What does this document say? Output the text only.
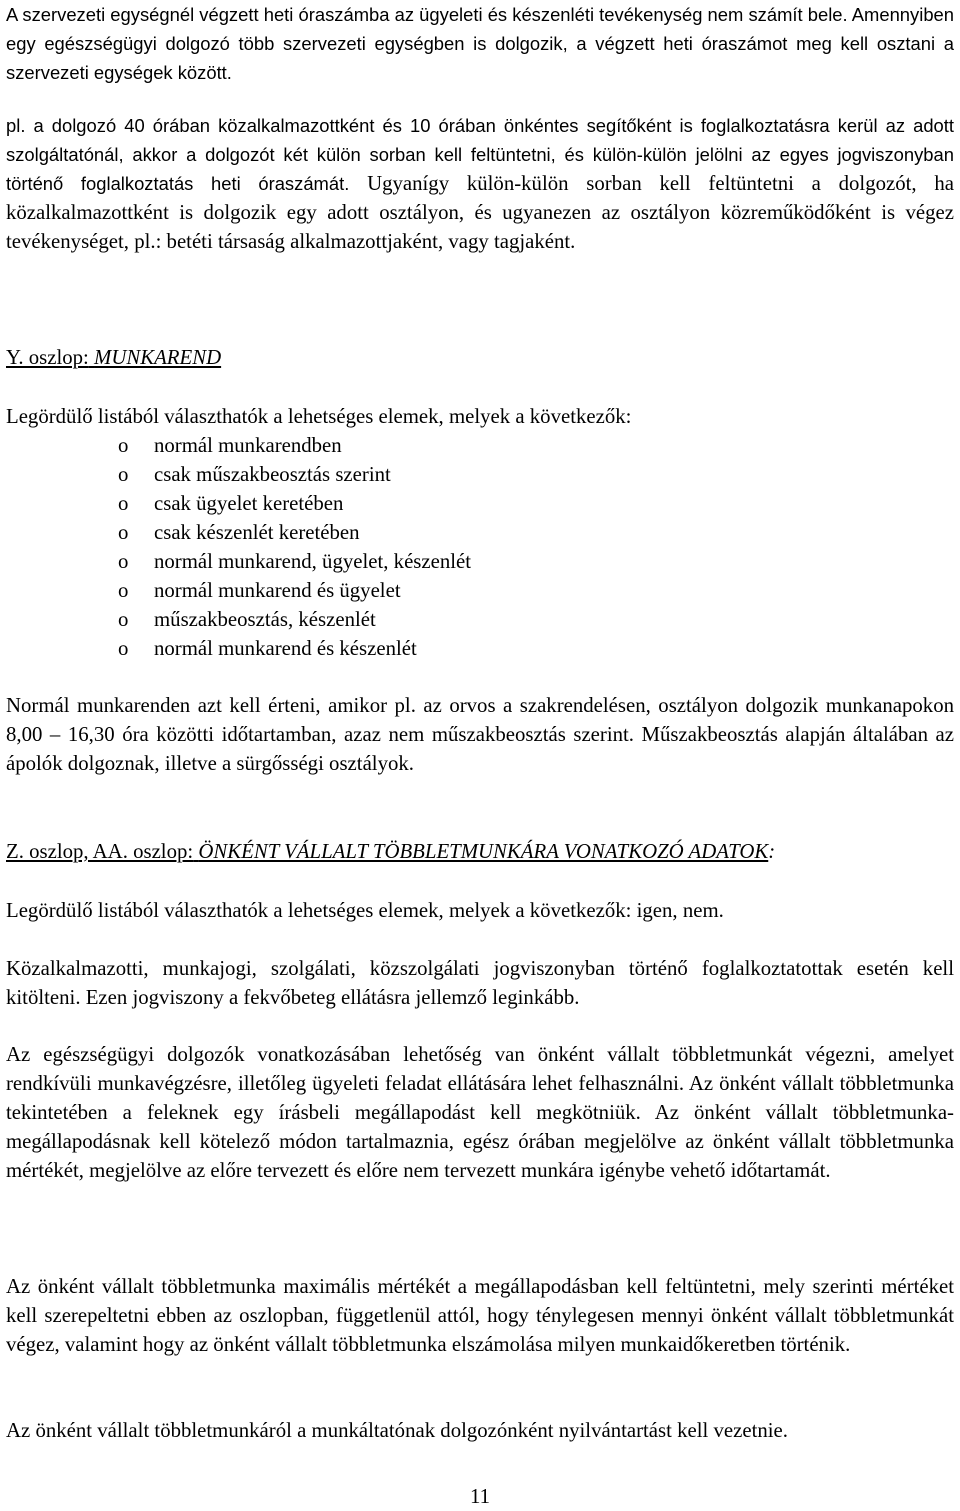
A szervezeti egységnél végzett heti óraszámba az ügyeleti és készenléti tevékenység nem számít bele. Amennyiben egy egészségügyi dolgozó több szervezeti egységben is dolgozik, a végzett heti óraszámot meg kell osztani a szervezeti egységek között.

pl. a dolgozó 40 órában közalkalmazottként és 10 órában önkéntes segítőként is foglalkoztatásra kerül az adott szolgáltatónál, akkor a dolgozót két külön sorban kell feltüntetni, és külön-külön jelölni az egyes jogviszonyban történő foglalkoztatás heti óraszámát. Ugyanígy külön-külön sorban kell feltüntetni a dolgozót, ha közalkalmazottként is dolgozik egy adott osztályon, és ugyanezen az osztályon közreműködőként is végez tevékenységet, pl.: betéti társaság alkalmazottjaként, vagy tagjaként.

Y. oszlop: MUNKAREND

Legördülő listából választhatók a lehetséges elemek, melyek a következők:

o normál munkarendben
o csak műszakbeosztás szerint
o csak ügyelet keretében
o csak készenlét keretében
o normál munkarend, ügyelet, készenlét
o normál munkarend és ügyelet
o műszakbeosztás, készenlét
o normál munkarend és készenlét

Normál munkarenden azt kell érteni, amikor pl. az orvos a szakrendelésen, osztályon dolgozik munkanapokon 8,00 – 16,30 óra közötti időtartamban, azaz nem műszakbeosztás szerint. Műszakbeosztás alapján általában az ápolók dolgoznak, illetve a sürgősségi osztályok.

Z. oszlop, AA. oszlop: ÖNKÉNT VÁLLALT TÖBBLETMUNKÁRA VONATKOZÓ ADATOK:

Legördülő listából választhatók a lehetséges elemek, melyek a következők: igen, nem.

Közalkalmazotti, munkajogi, szolgálati, közszolgálati jogviszonyban történő foglalkoztatottak esetén kell kitölteni. Ezen jogviszony a fekvőbeteg ellátásra jellemző leginkább.

Az egészségügyi dolgozók vonatkozásában lehetőség van önként vállalt többletmunkát végezni, amelyet rendkívüli munkavégzésre, illetőleg ügyeleti feladat ellátására lehet felhasználni. Az önként vállalt többletmunka tekintetében a feleknek egy írásbeli megállapodást kell megkötniük. Az önként vállalt többletmunka-megállapodásnak kell kötelező módon tartalmaznia, egész órában megjelölve az önként vállalt többletmunka mértékét, megjelölve az előre tervezett és előre nem tervezett munkára igénybe vehető időtartamát.

Az önként vállalt többletmunka maximális mértékét a megállapodásban kell feltüntetni, mely szerinti mértéket kell szerepeltetni ebben az oszlopban, függetlenül attól, hogy ténylegesen mennyi önként vállalt többletmunkát végez, valamint hogy az önként vállalt többletmunka elszámolása milyen munkaidőkeretben történik.

Az önként vállalt többletmunkáról a munkáltatónak dolgozónként nyilvántartást kell vezetnie.

11
